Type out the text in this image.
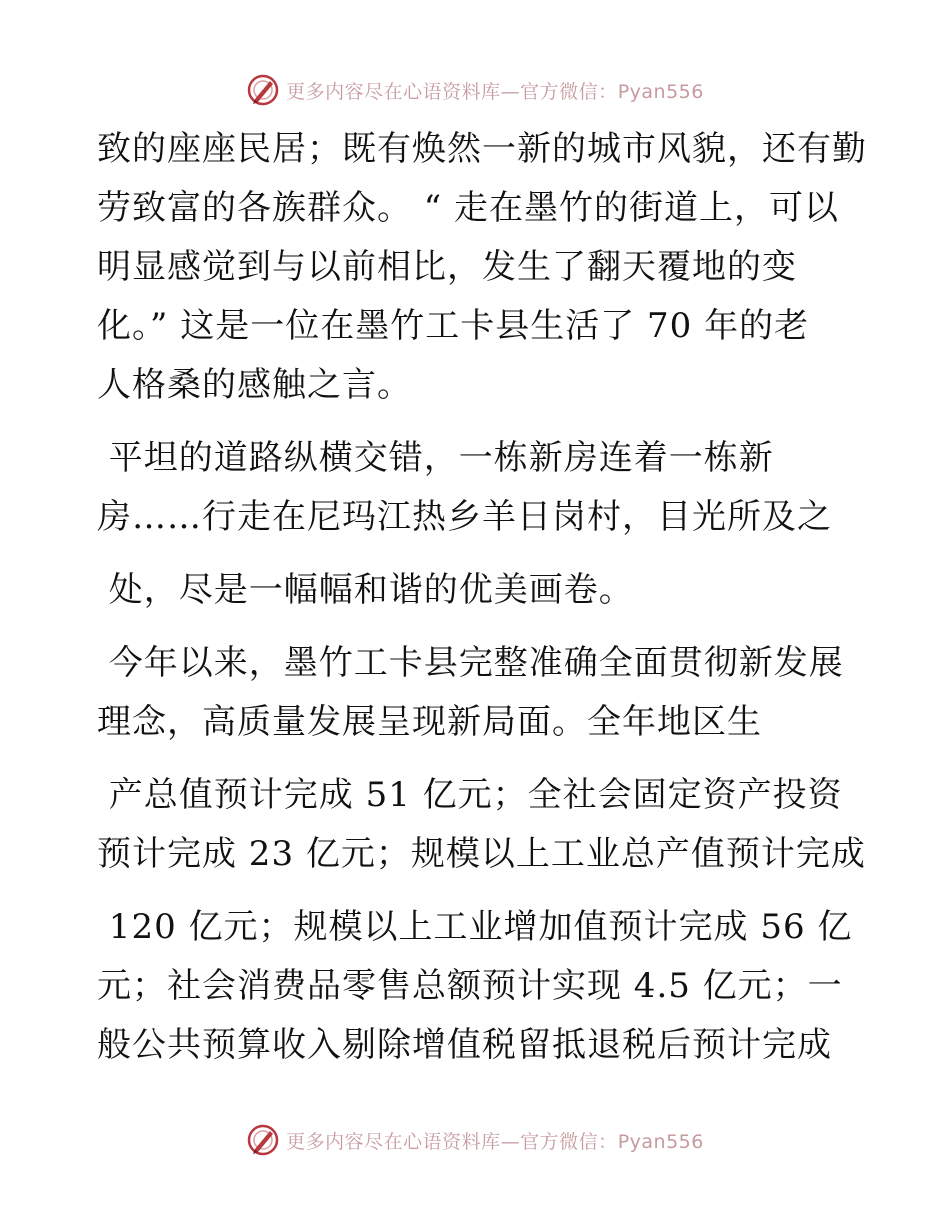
更多内容尽在心语资料库—官方微信：Pyan556
致的座座民居；既有焕然一新的城市风貌，还有勤
劳致富的各族群众。 “ 走在墨竹的街道上，可以
明显感觉到与以前相比，发生了翻天覆地的变
化。” 这是一位在墨竹工卡县生活了 70 年的老
人格桑的感触之言。
平坦的道路纵横交错，一栋新房连着一栋新
房……行走在尼玛江热乡羊日岗村，目光所及之
处，尽是一幅幅和谐的优美画卷。
今年以来，墨竹工卡县完整准确全面贯彻新发展
理念，高质量发展呈现新局面。全年地区生
产总值预计完成 51 亿元；全社会固定资产投资
预计完成 23 亿元；规模以上工业总产值预计完成
120 亿元；规模以上工业增加值预计完成 56 亿
元；社会消费品零售总额预计实现 4.5 亿元；一
般公共预算收入剔除增值税留抵退税后预计完成
更多内容尽在心语资料库—官方微信：Pyan556
